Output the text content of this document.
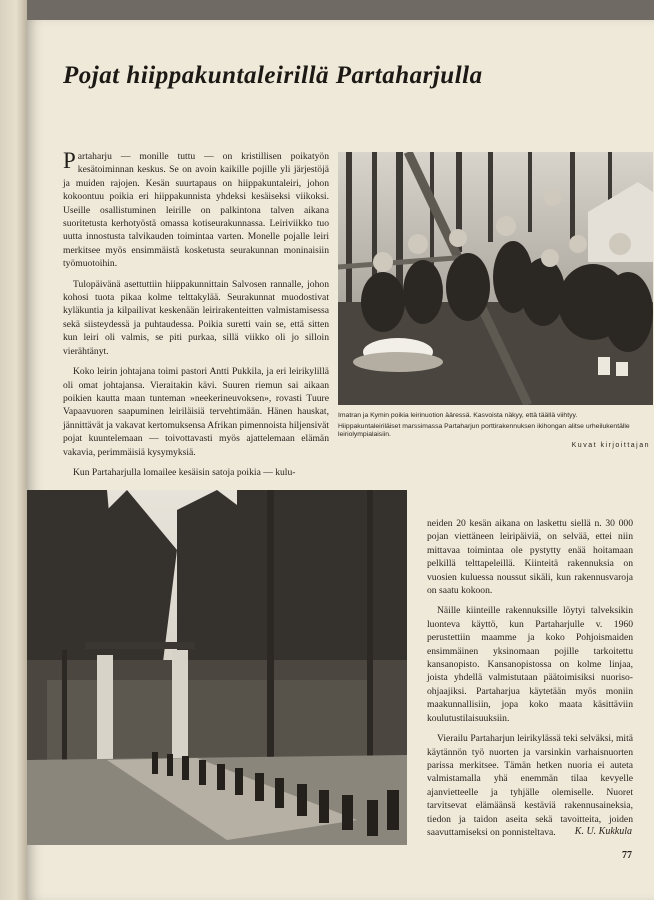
Pojat hiippakuntaleirillä Partaharjulla

Partaharju — monille tuttu — on kristillisen poikatyön kesätoiminnan keskus. Se on avoin kaikille pojille yli järjestöjä ja muiden rajojen. Kesän suurtapaus on hiippakuntaleiri, johon kokoontuu poikia eri hiippakunnista yhdeksi kesäiseksi viikoksi. Useille osallistuminen leirille on palkintona talven aikana suoritetusta kerhotyöstä omassa kotiseurakunnassa. Leiriviikko tuo uutta innostusta talvikauden toimintaa varten. Monelle pojalle leiri merkitsee myös ensimmäistä kosketusta seurakunnan moninaisiin työmuotoihin.

Tulopäivänä asettuttiin hiippakunnittain Salvosen rannalle, johon kohosi tuota pikaa kolme telttakylää. Seurakunnat muodostivat kyläkuntia ja kilpailivat keskenään leirirakenteitten valmistamisessa sekä siisteydessä ja puhtaudessa. Poikia suretti vain se, että sitten kun leiri oli valmis, se piti purkaa, sillä viikko oli jo silloin vierähtänyt.

Koko leirin johtajana toimi pastori Antti Pukkila, ja eri leirikylillä oli omat johtajansa. Vieraitakin kävi. Suuren riemun sai aikaan poikien kautta maan tunteman »neekerineuvoksen», rovasti Tuure Vapaavuoren saapuminen leiriläisiä tervehtimään. Hänen hauskat, jännittävät ja vakavat kertomuksensa Afrikan pimennoista hiljensivät pojat kuuntelemaan — toivottavasti myös ajattelemaan elämän vakavia, perimmäisiä kysymyksiä.

Kun Partaharjulla lomailee kesäisin satoja poikia — kulu-

Imatran ja Kymin poikia leirinuotion ääressä. Kasvoista näkyy, että täällä viihtyy.
Hiippakuntaleiriläiset marssimassa Partaharjun porttirakennuksen ikihongan alitse urheilukentälle leiriolympialaisiin.
Kuvat kirjoittajan

neiden 20 kesän aikana on laskettu siellä n. 30 000 pojan viettäneen leiripäiviä, on selvää, ettei niin mittavaa toimintaa ole pystytty enää hoitamaan pelkillä telttapeleillä. Kiinteitä rakennuksia on vuosien kuluessa noussut sikäli, kun rakennusvaroja on saatu kokoon.

Näille kiinteille rakennuksille löytyi talveksikin luonteva käyttö, kun Partaharjulle v. 1960 perustettiin maamme ja koko Pohjoismaiden ensimmäinen yksinomaan pojille tarkoitettu kansanopisto. Kansanopistossa on kolme linjaa, joista yhdellä valmistutaan päätoimisiksi nuoriso-ohjaajiksi. Partaharjua käytetään myös moniin maakunnallisiin, jopa koko maata käsittäviin koulutustilaisuuksiin.

Vierailu Partaharjun leirikylässä teki selväksi, mitä käytännön työ nuorten ja varsinkin varhaisnuorten parissa merkitsee. Tämän hetken nuoria ei auteta valmistamalla yhä enemmän tilaa kevyelle ajanvietteelle ja tyhjälle olemiselle. Nuoret tarvitsevat elämäänsä kestäviä rakennusaineksia, tiedon ja taidon aseita sekä tavoitteita, joiden saavuttamiseksi on ponnisteltava.	K. U. Kukkula
77
